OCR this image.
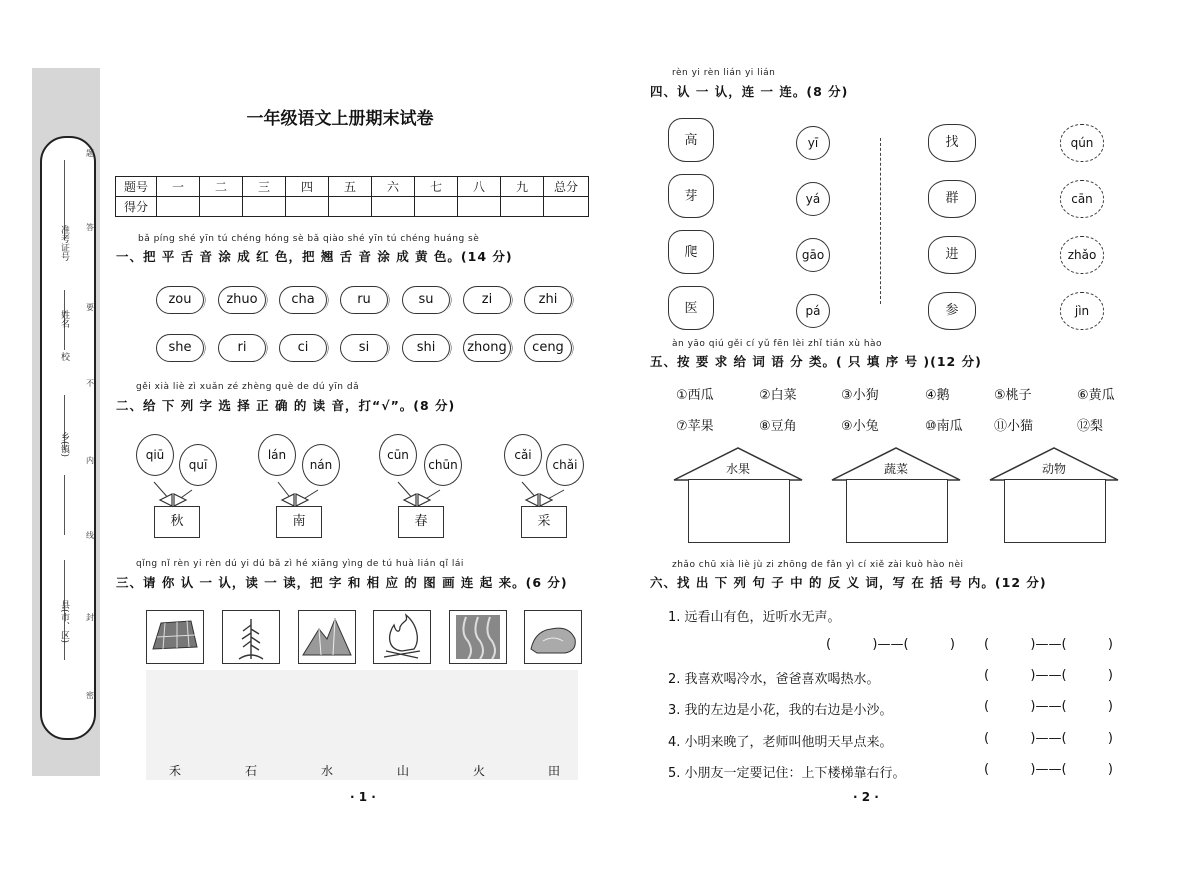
县(市、区)
乡(镇)
校
姓名
准考证号
题
答
要
不
内
线
封
密
一年级语文上册期末试卷
题号	一	二	三	四	五	六	七	八	九	总分
得分										
bǎ píng shé yīn tú chéng hóng sè bǎ qiào shé yīn tú chéng huáng sè
一、把 平 舌 音 涂 成 红 色，把 翘 舌 音 涂 成 黄 色。(14 分)
zou	zhuo	cha	ru	su	zi	zhi
she	ri	ci	si	shi	zhong	ceng
gěi xià liè zì xuǎn zé zhèng què de dú yīn dǎ
二、给 下 列 字 选 择 正 确 的 读 音，打“√”。(8 分)
qiū
quī
秋
lán
nán
南
cūn
chūn
春
cǎi
chǎi
采
qǐng nǐ rèn yi rèn dú yi dú bǎ zì hé xiāng yìng de tú huà lián qǐ lái
三、请 你 认 一 认，读 一 读，把 字 和 相 应 的 图 画 连 起 来。(6 分)
禾	石	水	山	火	田
· 1 ·
rèn yi rèn lián yi lián
四、认 一 认，连 一 连。(8 分)
高
芽
爬
医
yī
yá
gāo
pá
找
群
进
参
qún
cān
zhǎo
jìn
àn yāo qiú gěi cí yǔ fēn lèi zhǐ tián xù hào
五、按 要 求 给 词 语 分 类。( 只 填 序 号 )(12 分)
①西瓜	②白菜	③小狗	④鹅	⑤桃子	⑥黄瓜
⑦苹果	⑧豆角	⑨小兔	⑩南瓜 ⑪小猫	⑫梨
水果	蔬菜	动物
zhǎo chū xià liè jù zi zhōng de fǎn yì cí xiě zài kuò hào nèi
六、找 出 下 列 句 子 中 的 反 义 词，写 在 括 号 内。(12 分)
1. 远看山有色，近听水无声。
(          )——(          ) (          )——(          )
2. 我喜欢喝冷水，爸爸喜欢喝热水。	(          )——(          )
3. 我的左边是小花，我的右边是小沙。	(          )——(          )
4. 小明来晚了，老师叫他明天早点来。	(          )——(          )
5. 小朋友一定要记住：上下楼梯靠右行。	(          )——(          )
· 2 ·
